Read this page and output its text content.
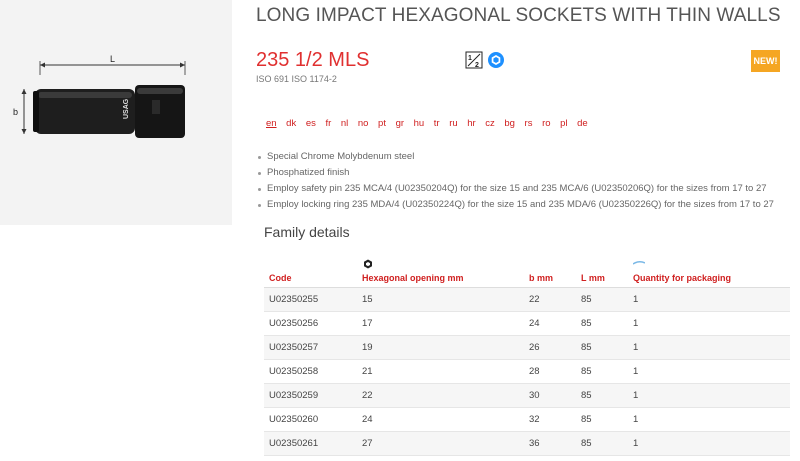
L
b	USAG
LONG IMPACT HEXAGONAL SOCKETS WITH THIN WALLS
235 1/2 MLS
ISO 691 ISO 1174-2
1
2	NEW!
en dk es fr nl no pt gr hu tr ru hr cz bg rs ro pl de
Special Chrome Molybdenum steel
Phosphatized finish
Employ safety pin 235 MCA/4 (U02350204Q) for the size 15 and 235 MCA/6 (U02350206Q) for the sizes from 17 to 27
Employ locking ring 235 MDA/4 (U02350224Q) for the size 15 and 235 MDA/6 (U02350226Q) for the sizes from 17 to 27
Family details
Code	Hexagonal opening mm	b mm	L mm	Quantity for packaging
U02350255	15	22	85	1
U02350256	17	24	85	1
U02350257	19	26	85	1
U02350258	21	28	85	1
U02350259	22	30	85	1
U02350260	24	32	85	1
U02350261	27	36	85	1
